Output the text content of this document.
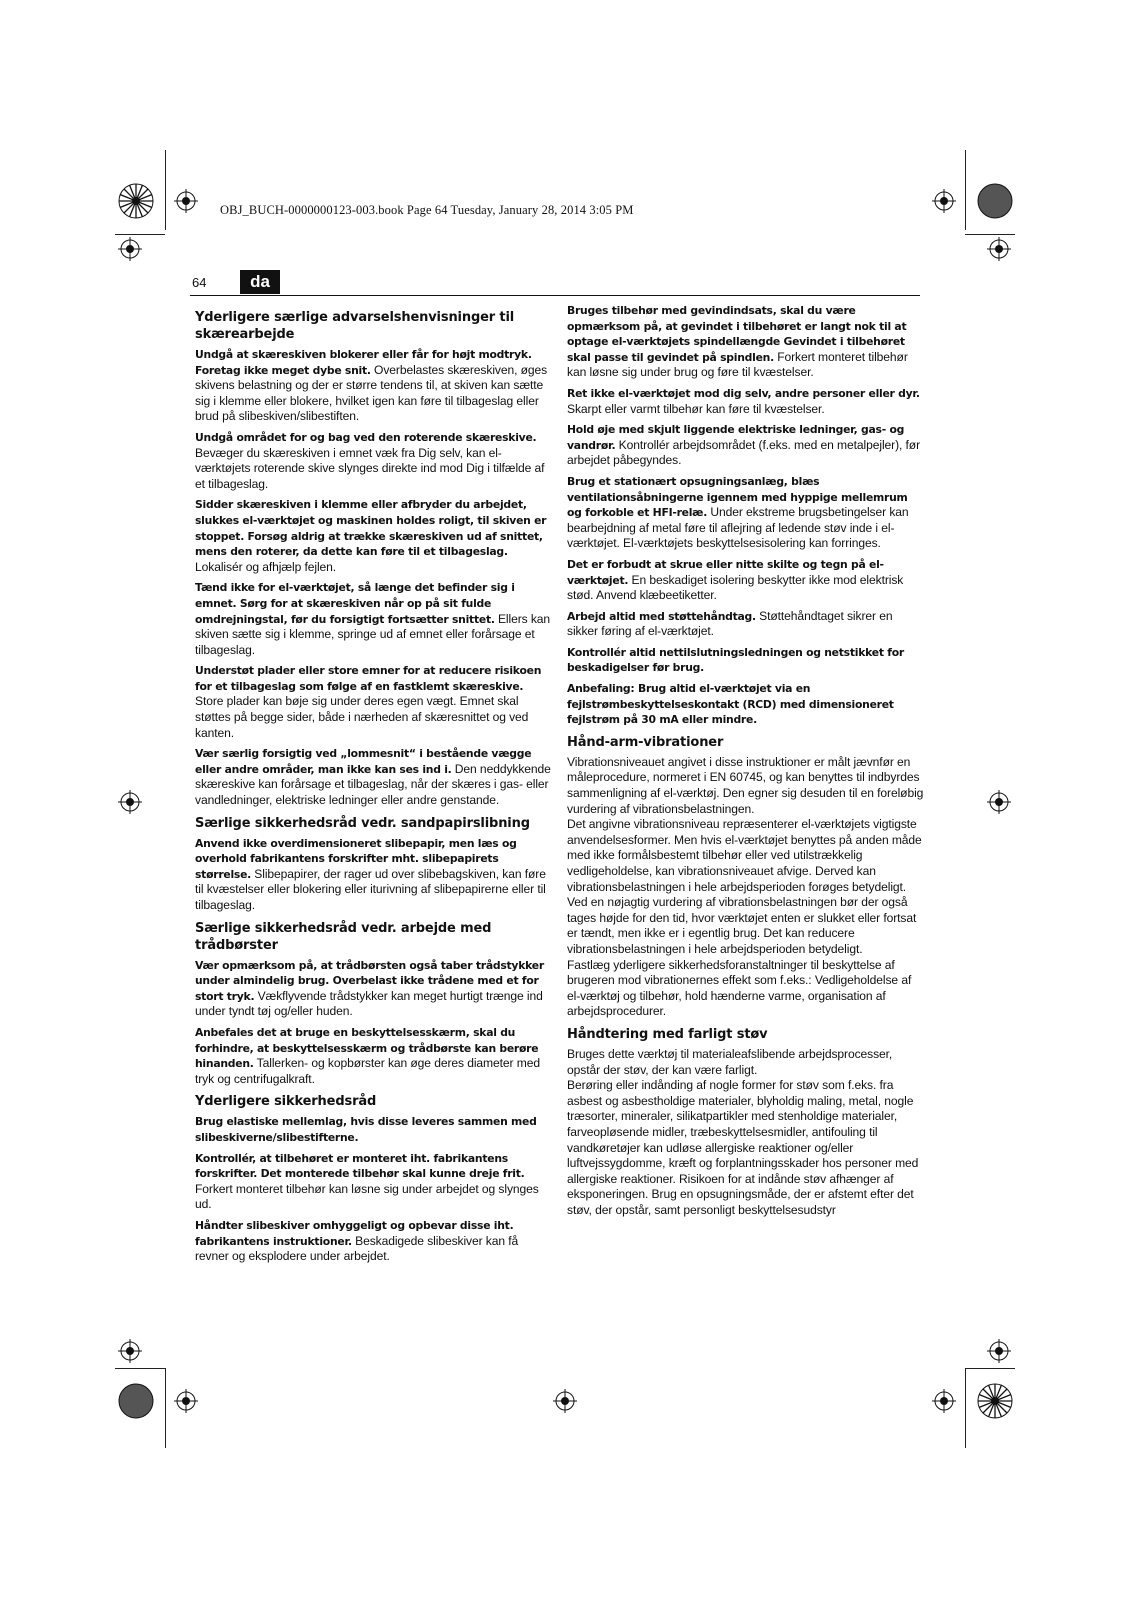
OBJ_BUCH-0000000123-003.book Page 64 Tuesday, January 28, 2014 3:05 PM
64	da
Yderligere særlige advarselshenvisninger til skærearbejde

Undgå at skæreskiven blokerer eller får for højt modtryk. Foretag ikke meget dybe snit. Overbelastes skæreskiven, øges skivens belastning og der er større tendens til, at skiven kan sætte sig i klemme eller blokere, hvilket igen kan føre til tilbageslag eller brud på slibeskiven/slibestiften.

Undgå området for og bag ved den roterende skæreskive. Bevæger du skæreskiven i emnet væk fra Dig selv, kan el-værktøjets roterende skive slynges direkte ind mod Dig i tilfælde af et tilbageslag.

Sidder skæreskiven i klemme eller afbryder du arbejdet, slukkes el-værktøjet og maskinen holdes roligt, til skiven er stoppet. Forsøg aldrig at trække skæreskiven ud af snittet, mens den roterer, da dette kan føre til et tilbageslag. Lokalisér og afhjælp fejlen.

Tænd ikke for el-værktøjet, så længe det befinder sig i emnet. Sørg for at skæreskiven når op på sit fulde omdrejningstal, før du forsigtigt fortsætter snittet. Ellers kan skiven sætte sig i klemme, springe ud af emnet eller forårsage et tilbageslag.

Understøt plader eller store emner for at reducere risikoen for et tilbageslag som følge af en fastklemt skæreskive. Store plader kan bøje sig under deres egen vægt. Emnet skal støttes på begge sider, både i nærheden af skæresnittet og ved kanten.

Vær særlig forsigtig ved „lommesnit“ i bestående vægge eller andre områder, man ikke kan ses ind i. Den neddykkende skæreskive kan forårsage et tilbageslag, når der skæres i gas- eller vandledninger, elektriske ledninger eller andre genstande.

Særlige sikkerhedsråd vedr. sandpapirslibning

Anvend ikke overdimensioneret slibepapir, men læs og overhold fabrikantens forskrifter mht. slibepapirets størrelse. Slibepapirer, der rager ud over slibebagskiven, kan føre til kvæstelser eller blokering eller iturivning af slibepapirerne eller til tilbageslag.

Særlige sikkerhedsråd vedr. arbejde med trådbørster

Vær opmærksom på, at trådbørsten også taber trådstykker under almindelig brug. Overbelast ikke trådene med et for stort tryk. Vækflyvende trådstykker kan meget hurtigt trænge ind under tyndt tøj og/eller huden.

Anbefales det at bruge en beskyttelsesskærm, skal du forhindre, at beskyttelsesskærm og trådbørste kan berøre hinanden. Tallerken- og kopbørster kan øge deres diameter med tryk og centrifugalkraft.

Yderligere sikkerhedsråd

Brug elastiske mellemlag, hvis disse leveres sammen med slibeskiverne/slibestifterne.

Kontrollér, at tilbehøret er monteret iht. fabrikantens forskrifter. Det monterede tilbehør skal kunne dreje frit. Forkert monteret tilbehør kan løsne sig under arbejdet og slynges ud.

Håndter slibeskiver omhyggeligt og opbevar disse iht. fabrikantens instruktioner. Beskadigede slibeskiver kan få revner og eksplodere under arbejdet.

Bruges tilbehør med gevindindsats, skal du være opmærksom på, at gevindet i tilbehøret er langt nok til at optage el-værktøjets spindellængde Gevindet i tilbehøret skal passe til gevindet på spindlen. Forkert monteret tilbehør kan løsne sig under brug og føre til kvæstelser.

Ret ikke el-værktøjet mod dig selv, andre personer eller dyr. Skarpt eller varmt tilbehør kan føre til kvæstelser.

Hold øje med skjult liggende elektriske ledninger, gas- og vandrør. Kontrollér arbejdsområdet (f.eks. med en metalpejler), før arbejdet påbegyndes.

Brug et stationært opsugningsanlæg, blæs ventilationsåbningerne igennem med hyppige mellemrum og forkoble et HFI-relæ. Under ekstreme brugsbetingelser kan bearbejdning af metal føre til aflejring af ledende støv inde i el-værktøjet. El-værktøjets beskyttelsesisolering kan forringes.

Det er forbudt at skrue eller nitte skilte og tegn på el-værktøjet. En beskadiget isolering beskytter ikke mod elektrisk stød. Anvend klæbeetiketter.

Arbejd altid med støttehåndtag. Støttehåndtaget sikrer en sikker føring af el-værktøjet.

Kontrollér altid nettilslutningsledningen og netstikket for beskadigelser før brug.

Anbefaling: Brug altid el-værktøjet via en fejlstrømbeskyttelseskontakt (RCD) med dimensioneret fejlstrøm på 30 mA eller mindre.

Hånd-arm-vibrationer

Vibrationsniveauet angivet i disse instruktioner er målt jævnfør en måleprocedure, normeret i EN 60745, og kan benyttes til indbyrdes sammenligning af el-værktøj. Den egner sig desuden til en foreløbig vurdering af vibrationsbelastningen.

Det angivne vibrationsniveau repræsenterer el-værktøjets vigtigste anvendelsesformer. Men hvis el-værktøjet benyttes på anden måde med ikke formålsbestemt tilbehør eller ved utilstrækkelig vedligeholdelse, kan vibrationsniveauet afvige. Derved kan vibrationsbelastningen i hele arbejdsperioden forøges betydeligt.

Ved en nøjagtig vurdering af vibrationsbelastningen bør der også tages højde for den tid, hvor værktøjet enten er slukket eller fortsat er tændt, men ikke er i egentlig brug. Det kan reducere vibrationsbelastningen i hele arbejdsperioden betydeligt.

Fastlæg yderligere sikkerhedsforanstaltninger til beskyttelse af brugeren mod vibrationernes effekt som f.eks.: Vedligeholdelse af el-værktøj og tilbehør, hold hænderne varme, organisation af arbejdsprocedurer.

Håndtering med farligt støv

Bruges dette værktøj til materialeafslibende arbejdsprocesser, opstår der støv, der kan være farligt.

Berøring eller indånding af nogle former for støv som f.eks. fra asbest og asbestholdige materialer, blyholdig maling, metal, nogle træsorter, mineraler, silikatpartikler med stenholdige materialer, farveopløsende midler, træbeskyttelsesmidler, antifouling til vandkøretøjer kan udløse allergiske reaktioner og/eller luftvejssygdomme, kræft og forplantningsskader hos personer med allergiske reaktioner. Risikoen for at indånde støv afhænger af eksponeringen. Brug en opsugningsmåde, der er afstemt efter det støv, der opstår, samt personligt beskyttelsesudstyr
